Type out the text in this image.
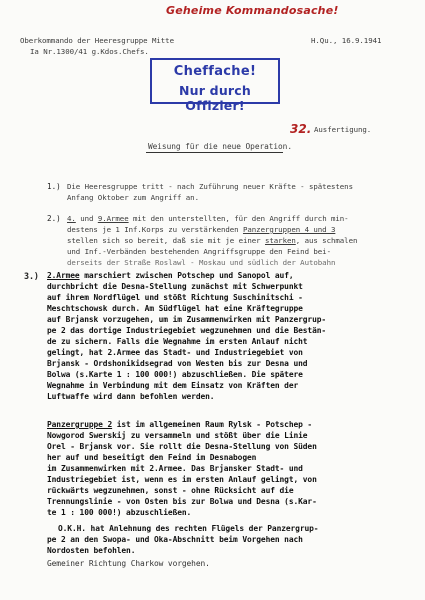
Geheime Kommandosache!
Oberkommando der Heeresgruppe Mitte
Ia Nr.1300/41 g.Kdos.Chefs.
H.Qu., 16.9.1941
Cheffache!
Nur durch Offizier!
32. Ausfertigung.
Weisung für die neue Operation.
1.) Die Heeresgruppe tritt - nach Zuführung neuer Kräfte - spätestens
Anfang Oktober zum Angriff an.
2.) 4. und 9.Armee mit den unterstellten, für den Angriff durch min-
destens je 1 Inf.Korps zu verstärkenden Panzergruppen 4 und 3
stellen sich so bereit, daß sie mit je einer starken, aus schmalen
und Inf.-Verbänden bestehenden Angriffsgruppe den Feind bei-
derseits der Straße Roslawl - Moskau und südlich der Autobahn
3.) 2.Armee marschiert zwischen Potschep und Sanopol auf,
durchbricht die Desna-Stellung zunächst mit Schwerpunkt
auf ihrem Nordflügel und stößt Richtung Suschinitschi -
Meschtschowsk durch. Am Südflügel hat eine Kräftegruppe
auf Brjansk vorzugehen, um im Zusammenwirken mit Panzergrup-
pe 2 das dortige Industriegebiet wegzunehmen und die Bestän-
de zu sichern. Falls die Wegnahme im ersten Anlauf nicht
gelingt, hat 2.Armee das Stadt- und Industriegebiet von
Brjansk - Ordshonikidsegrad von Westen bis zur Desna und
Bolwa (s.Karte 1 : 100 000!) abzuschließen. Die spätere
Wegnahme in Verbindung mit dem Einsatz von Kräften der
Luftwaffe wird dann befohlen werden.
Panzergruppe 2 ist im allgemeinen Raum Rylsk - Potschep -
Nowgorod Swerskij zu versammeln und stößt über die Linie
Orel - Brjansk vor. Sie rollt die Desna-Stellung von Süden
her auf und beseitigt den Feind im Desnabogen
im Zusammenwirken mit 2.Armee. Das Brjansker Stadt- und
Industriegebiet ist, wenn es im ersten Anlauf gelingt, von
rückwärts wegzunehmen, sonst - ohne Rücksicht auf die
Trennungslinie - von Osten bis zur Bolwa und Desna (s.Kar-
te 1 : 100 000!) abzuschließen.
O.K.H. hat Anlehnung des rechten Flügels der Panzergrup-
pe 2 an den Swopa- und Oka-Abschnitt beim Vorgehen nach
Nordosten befohlen.
Gemeiner Richtung Charkow vorgehen.
